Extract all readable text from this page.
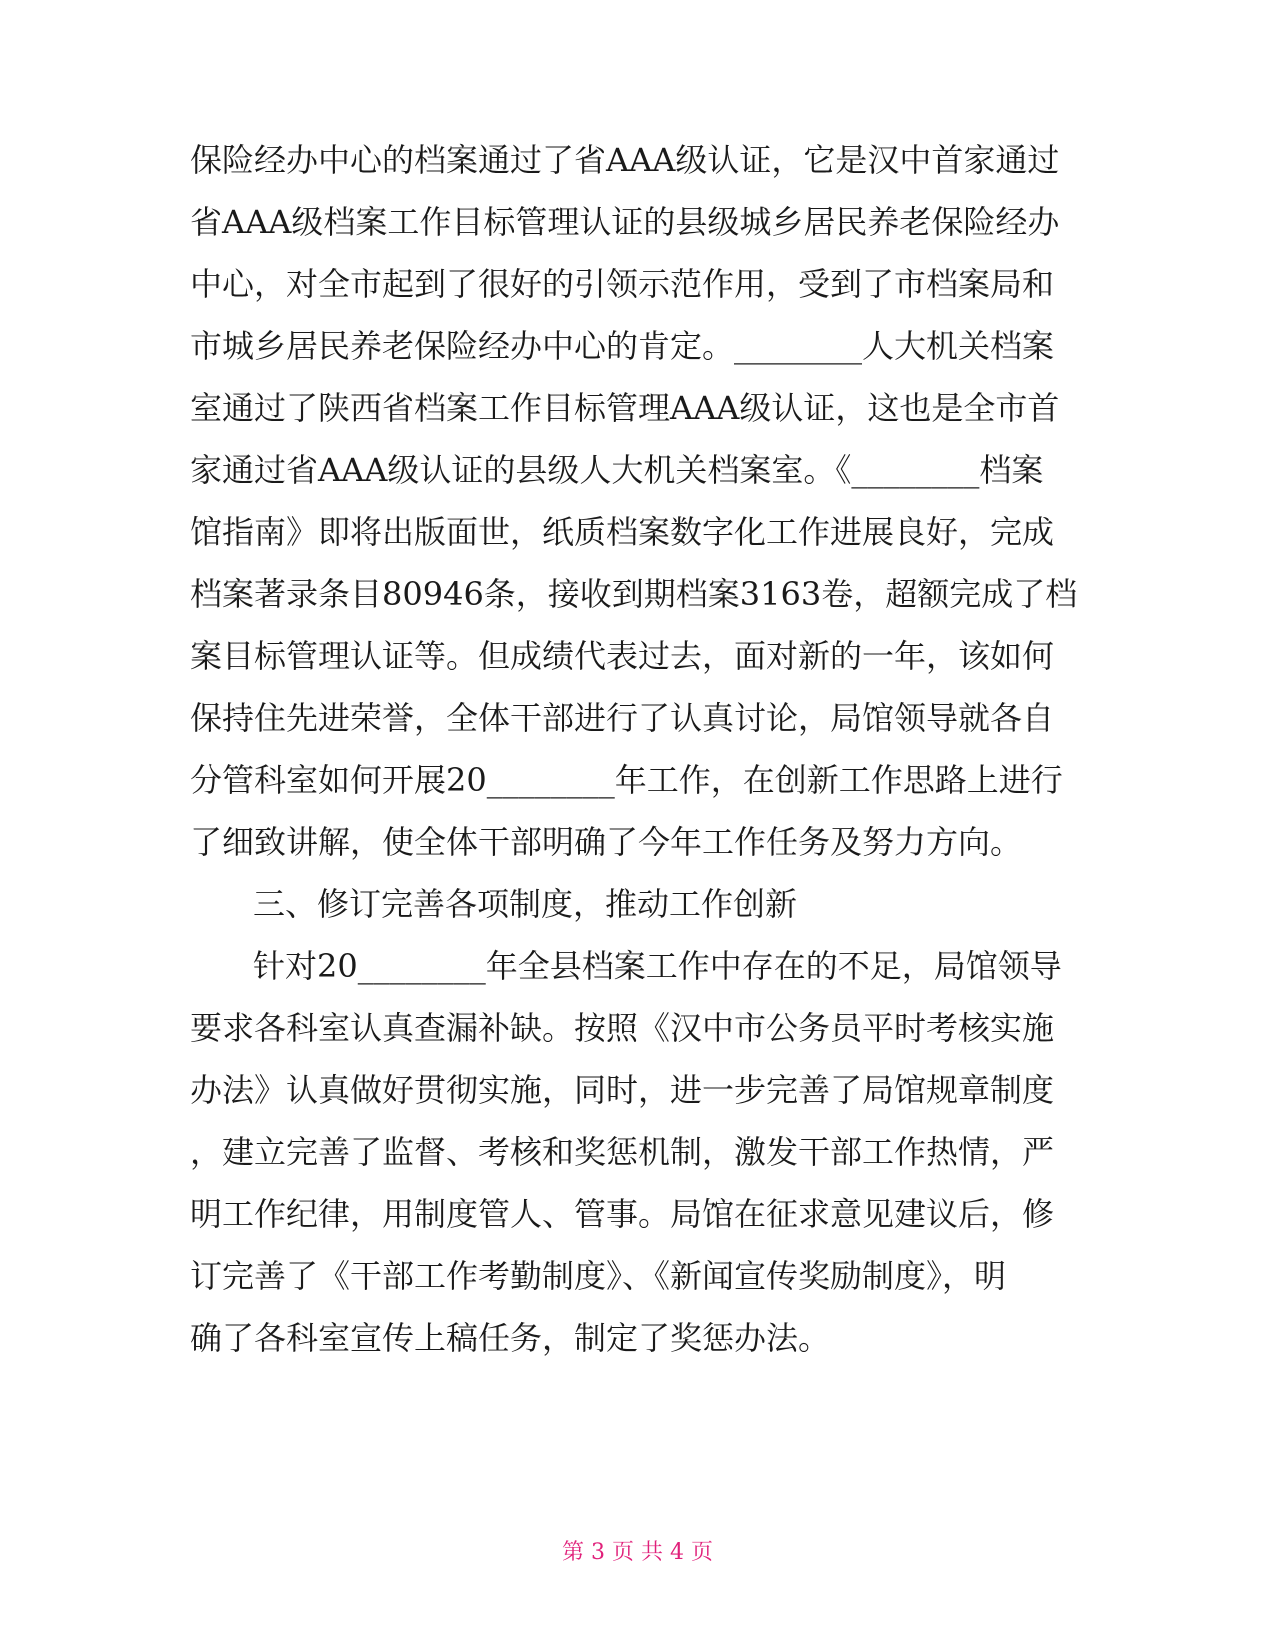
保险经办中心的档案通过了省AAA级认证，它是汉中首家通过
省AAA级档案工作目标管理认证的县级城乡居民养老保险经办
中心，对全市起到了很好的引领示范作用，受到了市档案局和
市城乡居民养老保险经办中心的肯定。________人大机关档案
室通过了陕西省档案工作目标管理AAA级认证，这也是全市首
家通过省AAA级认证的县级人大机关档案室。《________档案
馆指南》即将出版面世，纸质档案数字化工作进展良好，完成
档案著录条目80946条，接收到期档案3163卷，超额完成了档
案目标管理认证等。但成绩代表过去，面对新的一年，该如何
保持住先进荣誉，全体干部进行了认真讨论，局馆领导就各自
分管科室如何开展20________年工作，在创新工作思路上进行
了细致讲解，使全体干部明确了今年工作任务及努力方向。
三、修订完善各项制度，推动工作创新
针对20________年全县档案工作中存在的不足，局馆领导
要求各科室认真查漏补缺。按照《汉中市公务员平时考核实施
办法》认真做好贯彻实施，同时，进一步完善了局馆规章制度
，建立完善了监督、考核和奖惩机制，激发干部工作热情，严
明工作纪律，用制度管人、管事。局馆在征求意见建议后，修
订完善了《干部工作考勤制度》、《新闻宣传奖励制度》，明
确了各科室宣传上稿任务，制定了奖惩办法。
第 3 页 共 4 页
